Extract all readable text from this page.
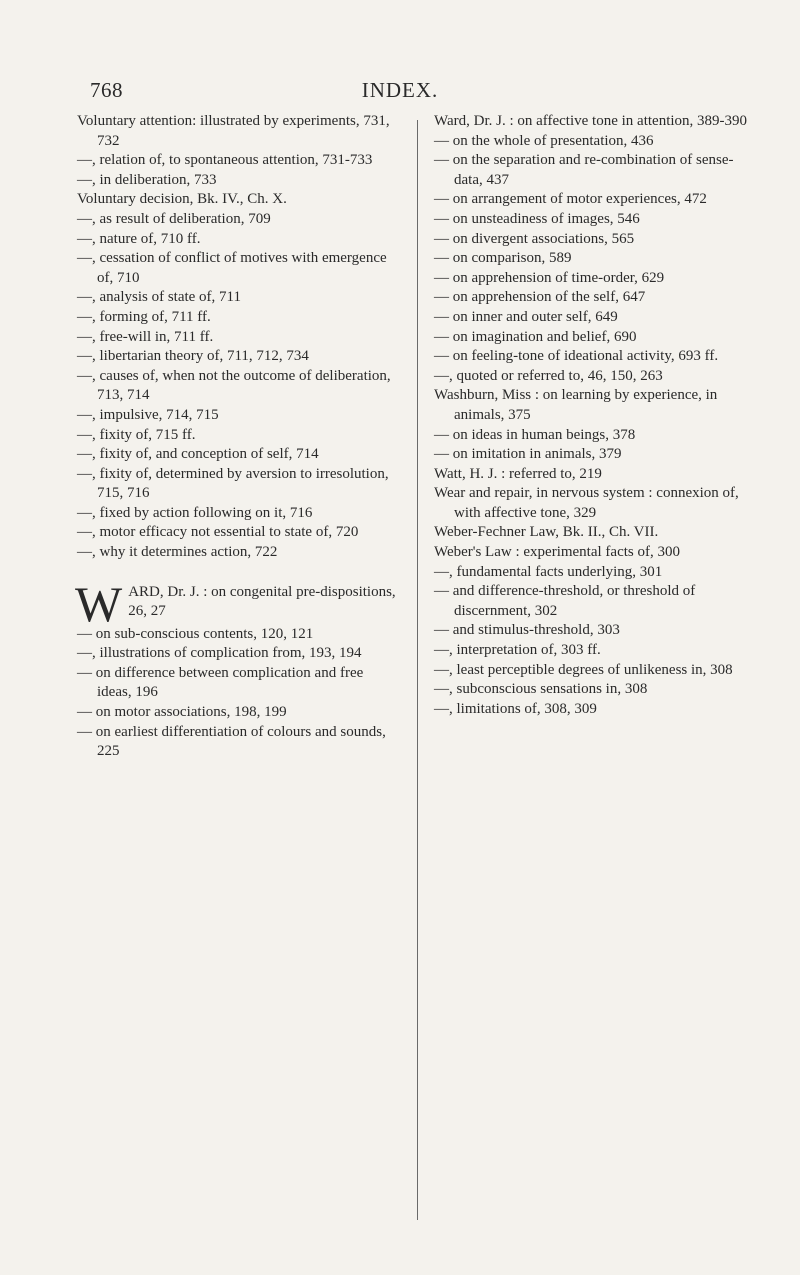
768	INDEX.

Voluntary attention: illustrated by experiments, 731, 732

—, relation of, to spontaneous attention, 731-733

—, in deliberation, 733

Voluntary decision, Bk. IV., Ch. X.

—, as result of deliberation, 709

—, nature of, 710 ff.

—, cessation of conflict of motives with emergence of, 710

—, analysis of state of, 711

—, forming of, 711 ff.

—, free-will in, 711 ff.

—, libertarian theory of, 711, 712, 734

—, causes of, when not the outcome of deliberation, 713, 714

—, impulsive, 714, 715

—, fixity of, 715 ff.

—, fixity of, and conception of self, 714

—, fixity of, determined by aversion to irresolution, 715, 716

—, fixed by action following on it, 716

—, motor efficacy not essential to state of, 720

—, why it determines action, 722

W ARD, Dr. J. : on congenital pre-dispositions, 26, 27

— on sub-conscious contents, 120, 121

—, illustrations of complication from, 193, 194

— on difference between complication and free ideas, 196

— on motor associations, 198, 199

— on earliest differentiation of colours and sounds, 225

Ward, Dr. J. : on affective tone in attention, 389-390

— on the whole of presentation, 436

— on the separation and re-combination of sense-data, 437

— on arrangement of motor experiences, 472

— on unsteadiness of images, 546

— on divergent associations, 565

— on comparison, 589

— on apprehension of time-order, 629

— on apprehension of the self, 647

— on inner and outer self, 649

— on imagination and belief, 690

— on feeling-tone of ideational activity, 693 ff.

—, quoted or referred to, 46, 150, 263

Washburn, Miss : on learning by experience, in animals, 375

— on ideas in human beings, 378

— on imitation in animals, 379

Watt, H. J. : referred to, 219

Wear and repair, in nervous system : connexion of, with affective tone, 329

Weber-Fechner Law, Bk. II., Ch. VII.

Weber's Law : experimental facts of, 300

—, fundamental facts underlying, 301

— and difference-threshold, or threshold of discernment, 302

— and stimulus-threshold, 303

—, interpretation of, 303 ff.

—, least perceptible degrees of unlikeness in, 308

—, subconscious sensations in, 308

—, limitations of, 308, 309
